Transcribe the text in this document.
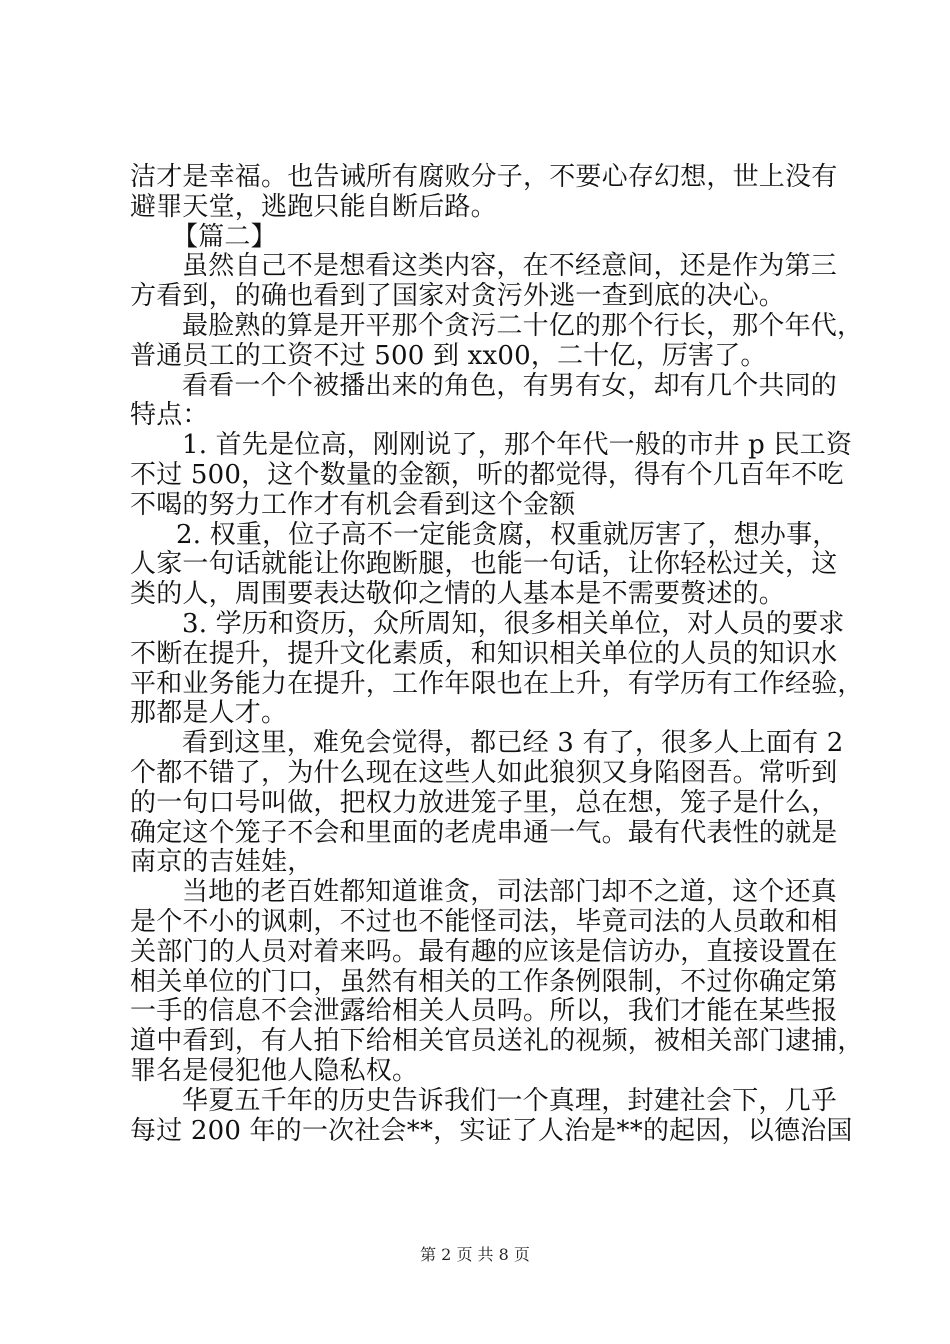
洁才是幸福。也告诫所有腐败分子，不要心存幻想，世上没有
避罪天堂，逃跑只能自断后路。
【篇二】
虽然自己不是想看这类内容，在不经意间，还是作为第三
方看到，的确也看到了国家对贪污外逃一查到底的决心。
最脸熟的算是开平那个贪污二十亿的那个行长，那个年代，
普通员工的工资不过 500 到 xx00，二十亿，厉害了。
看看一个个被播出来的角色，有男有女，却有几个共同的
特点：
1. 首先是位高，刚刚说了，那个年代一般的市井 p 民工资
不过 500，这个数量的金额，听的都觉得，得有个几百年不吃
不喝的努力工作才有机会看到这个金额
2. 权重，位子高不一定能贪腐，权重就厉害了，想办事，
人家一句话就能让你跑断腿，也能一句话，让你轻松过关，这
类的人，周围要表达敬仰之情的人基本是不需要赘述的。
3. 学历和资历，众所周知，很多相关单位，对人员的要求
不断在提升，提升文化素质，和知识相关单位的人员的知识水
平和业务能力在提升，工作年限也在上升，有学历有工作经验，
那都是人才。
看到这里，难免会觉得，都已经 3 有了，很多人上面有 2
个都不错了，为什么现在这些人如此狼狈又身陷囹吾。常听到
的一句口号叫做，把权力放进笼子里，总在想，笼子是什么，
确定这个笼子不会和里面的老虎串通一气。最有代表性的就是
南京的吉娃娃，
当地的老百姓都知道谁贪，司法部门却不之道，这个还真
是个不小的讽刺，不过也不能怪司法，毕竟司法的人员敢和相
关部门的人员对着来吗。最有趣的应该是信访办，直接设置在
相关单位的门口，虽然有相关的工作条例限制，不过你确定第
一手的信息不会泄露给相关人员吗。所以，我们才能在某些报
道中看到，有人拍下给相关官员送礼的视频，被相关部门逮捕，
罪名是侵犯他人隐私权。
华夏五千年的历史告诉我们一个真理，封建社会下，几乎
每过 200 年的一次社会**，实证了人治是**的起因，以德治国
第 2 页 共 8 页
